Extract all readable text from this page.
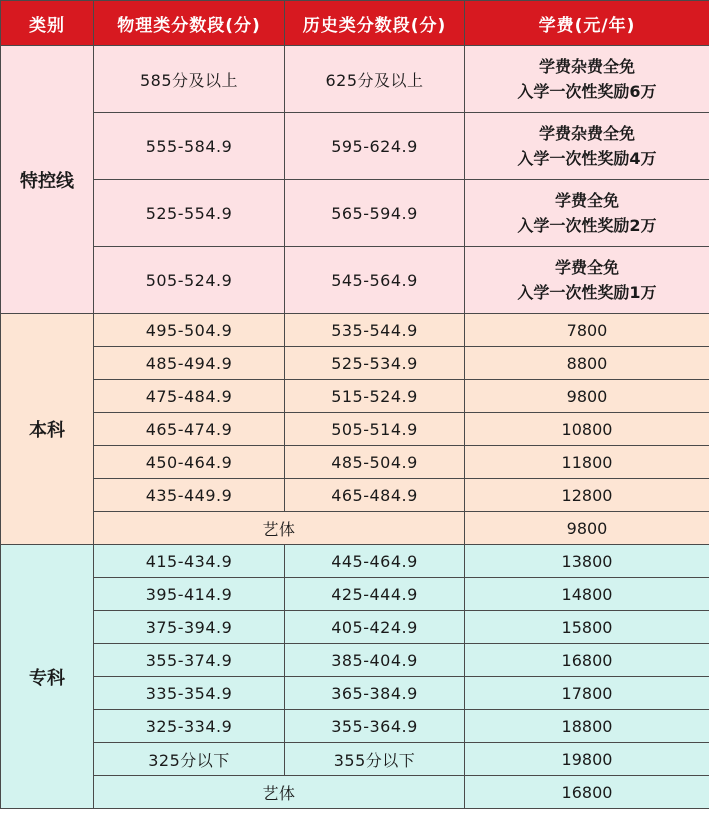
类别	物理类分数段(分)	历史类分数段(分)	学费(元/年)
特控线	585分及以上	625分及以上	学费杂费全免
入学一次性奖励6万

	555-584.9	595-624.9	学费杂费全免
入学一次性奖励4万

	525-554.9	565-594.9	学费全免
入学一次性奖励2万

	505-524.9	545-564.9	学费全免
入学一次性奖励1万

本科	495-504.9	535-544.9	7800
	485-494.9	525-534.9	8800
	475-484.9	515-524.9	9800
	465-474.9	505-514.9	10800
	450-464.9	485-504.9	11800
	435-449.9	465-484.9	12800
	艺体		9800
专科	415-434.9	445-464.9	13800
	395-414.9	425-444.9	14800
	375-394.9	405-424.9	15800
	355-374.9	385-404.9	16800
	335-354.9	365-384.9	17800
	325-334.9	355-364.9	18800
	325分以下	355分以下	19800
	艺体		16800
